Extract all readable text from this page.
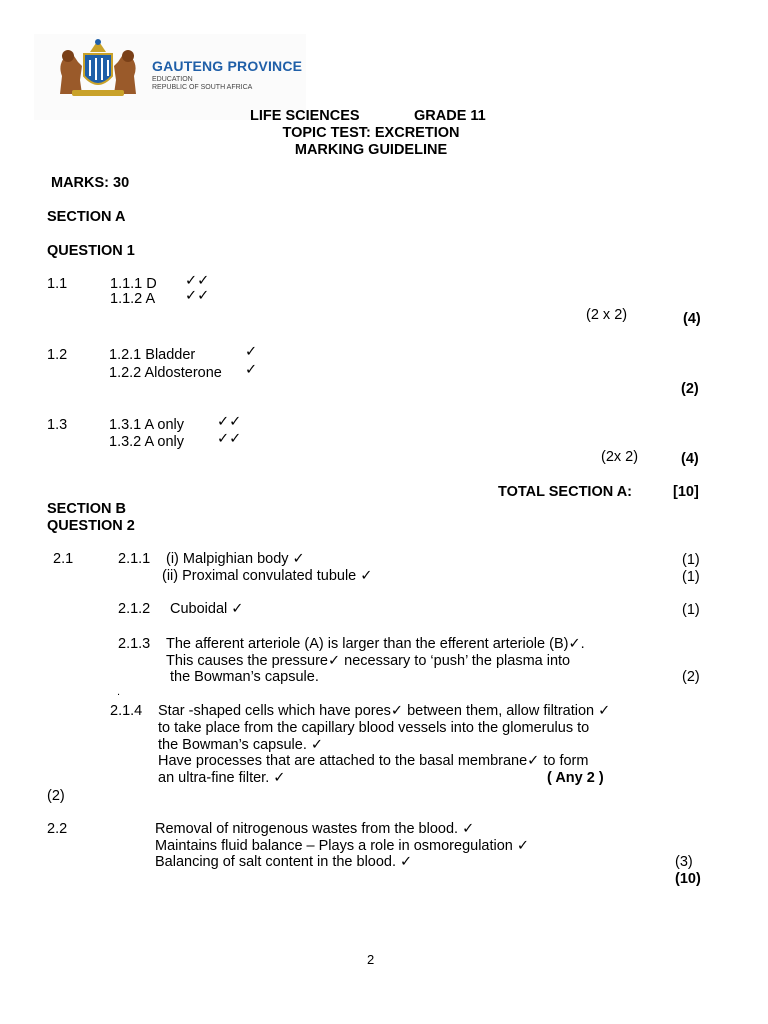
GAUTENG PROVINCE
EDUCATION
REPUBLIC OF SOUTH AFRICA
LIFE SCIENCES	GRADE 11
TOPIC TEST: EXCRETION
MARKING GUIDELINE
MARKS: 30
SECTION A
QUESTION 1
1.1	1.1.1 D ✓✓
1.1.2 A ✓✓
(2 x 2)	(4)
1.2	1.2.1 Bladder	✓
1.2.2 Aldosterone ✓
(2)
1.3	1.3.1 A only ✓✓
1.3.2 A only ✓✓
(2x 2)	(4)
TOTAL SECTION A:	[10]
SECTION B
QUESTION 2
2.1	2.1.1 (i) Malpighian body ✓	(1)
(ii) Proximal convulated tubule ✓	(1)
2.1.2 Cuboidal ✓	(1)
2.1.3 The afferent arteriole (A) is larger than the efferent arteriole (B)✓.
This causes the pressure✓ necessary to ‘push’ the plasma into
the Bowman’s capsule.	(2)
.
2.1.4 Star -shaped cells which have pores✓ between them, allow filtration ✓
to take place from the capillary blood vessels into the glomerulus to
the Bowman’s capsule. ✓
Have processes that are attached to the basal membrane✓ to form
an ultra-fine filter. ✓	( Any 2 )
(2)
2.2	Removal of nitrogenous wastes from the blood. ✓
Maintains fluid balance – Plays a role in osmoregulation ✓
Balancing of salt content in the blood. ✓	(3)
(10)
2
